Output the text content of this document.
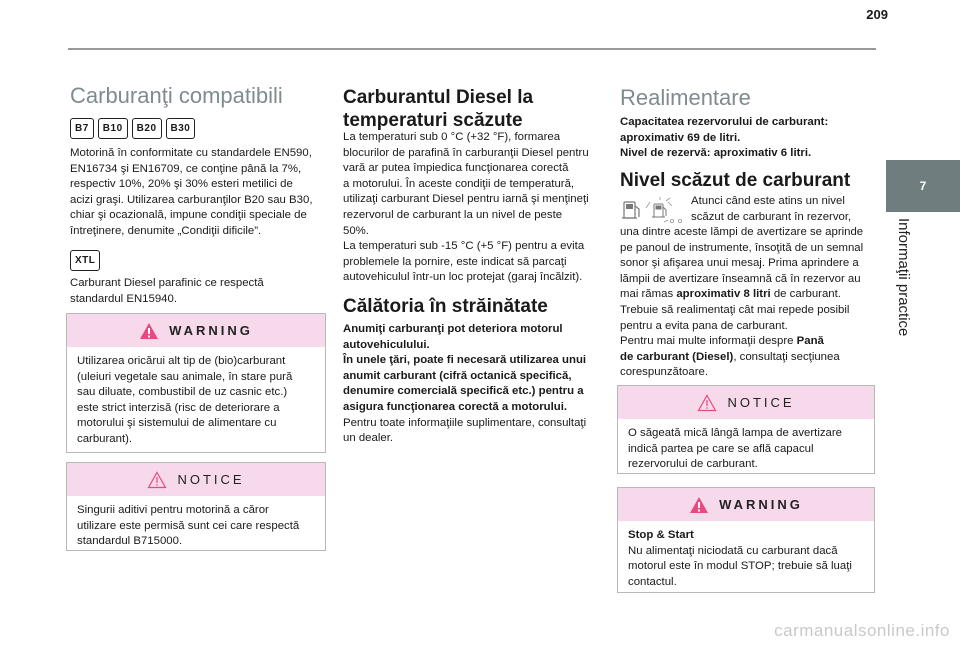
209
7
Informaţii practice
Carburanţi compatibili
B7	B10	B20	B30
Motorină în conformitate cu standardele EN590,
EN16734 şi EN16709, ce conţine până la 7%,
respectiv 10%, 20% şi 30% esteri metilici de
acizi graşi. Utilizarea carburanţilor B20 sau B30,
chiar şi ocazională, impune condiţii speciale de
întreţinere, denumite „Condiţii dificile”.
XTL
Carburant Diesel parafinic ce respectă
standardul EN15940.
WARNING
Utilizarea oricărui alt tip de (bio)carburant
(uleiuri vegetale sau animale, în stare pură
sau diluate, combustibil de uz casnic etc.)
este strict interzisă (risc de deteriorare a
motorului şi sistemului de alimentare cu
carburant).
NOTICE
Singurii aditivi pentru motorină a căror
utilizare este permisă sunt cei care respectă
standardul B715000.
Carburantul Diesel la
temperaturi scăzute
La temperaturi sub 0 °C (+32 °F), formarea
blocurilor de parafină în carburanţii Diesel pentru
vară ar putea împiedica funcţionarea corectă
a motorului. În aceste condiţii de temperatură,
utilizaţi carburant Diesel pentru iarnă şi menţineţi
rezervorul de carburant la un nivel de peste
50%.
La temperaturi sub -15 °C (+5 °F) pentru a evita
problemele la pornire, este indicat să parcaţi
autovehiculul într-un loc protejat (garaj încălzit).
Călătoria în străinătate
Anumiţi carburanţi pot deteriora motorul
autovehiculului.
În unele ţări, poate fi necesară utilizarea unui
anumit carburant (cifră octanică specifică,
denumire comercială specifică etc.) pentru a
asigura funcţionarea corectă a motorului.
Pentru toate informaţiile suplimentare, consultaţi
un dealer.
Realimentare
Capacitatea rezervorului de carburant:
aproximativ 69 de litri.
Nivel de rezervă: aproximativ 6 litri.
Nivel scăzut de carburant
Atunci când este atins un nivel
scăzut de carburant în rezervor,
una dintre aceste lămpi de avertizare se aprinde
pe panoul de instrumente, însoţită de un semnal
sonor şi afişarea unui mesaj. Prima aprindere a
lămpii de avertizare înseamnă că în rezervor au
mai rămas aproximativ 8 litri de carburant.
Trebuie să realimentaţi cât mai repede posibil
pentru a evita pana de carburant.
Pentru mai multe informaţii despre Pană
de carburant (Diesel), consultaţi secţiunea
corespunzătoare.
NOTICE
O săgeată mică lângă lampa de avertizare
indică partea pe care se află capacul
rezervorului de carburant.
WARNING
Stop & Start
Nu alimentaţi niciodată cu carburant dacă
motorul este în modul STOP; trebuie să luaţi
contactul.
carmanualsonline.info
